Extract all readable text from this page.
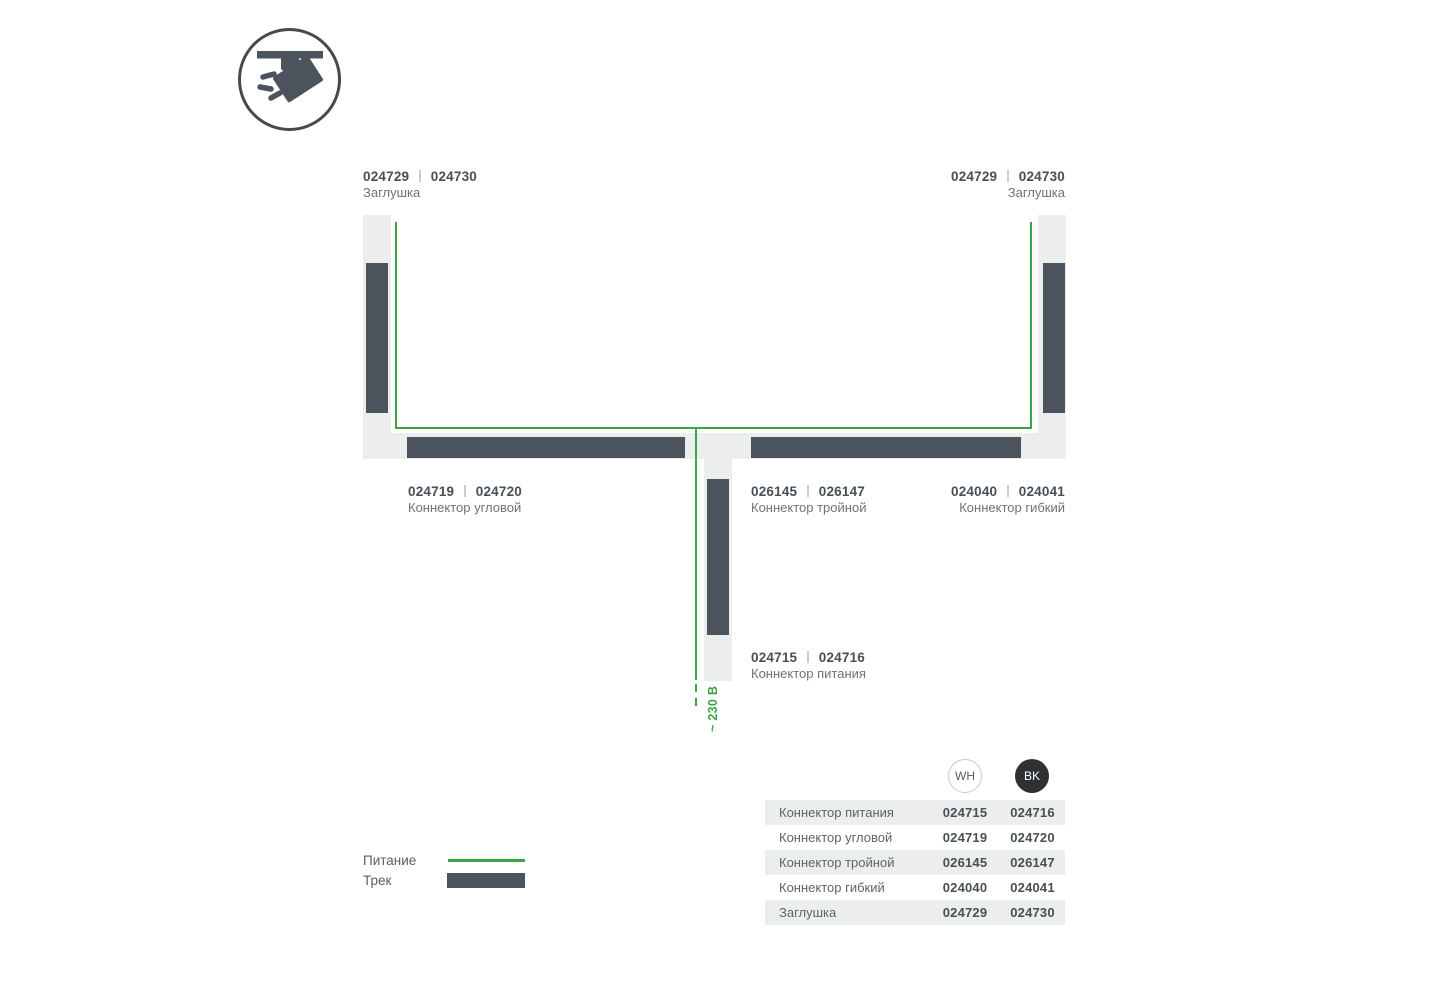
~ 230 В
024729 024730
Заглушка
024729 024730
Заглушка
024719 024720
Коннектор угловой
026145 026147
Коннектор тройной
024040 024041
Коннектор гибкий
024715 024716
Коннектор питания
Питание
Трек
WH	BK
Коннектор питания	024715	024716
Коннектор угловой	024719	024720
Коннектор тройной	026145	026147
Коннектор гибкий	024040	024041
Заглушка	024729	024730
